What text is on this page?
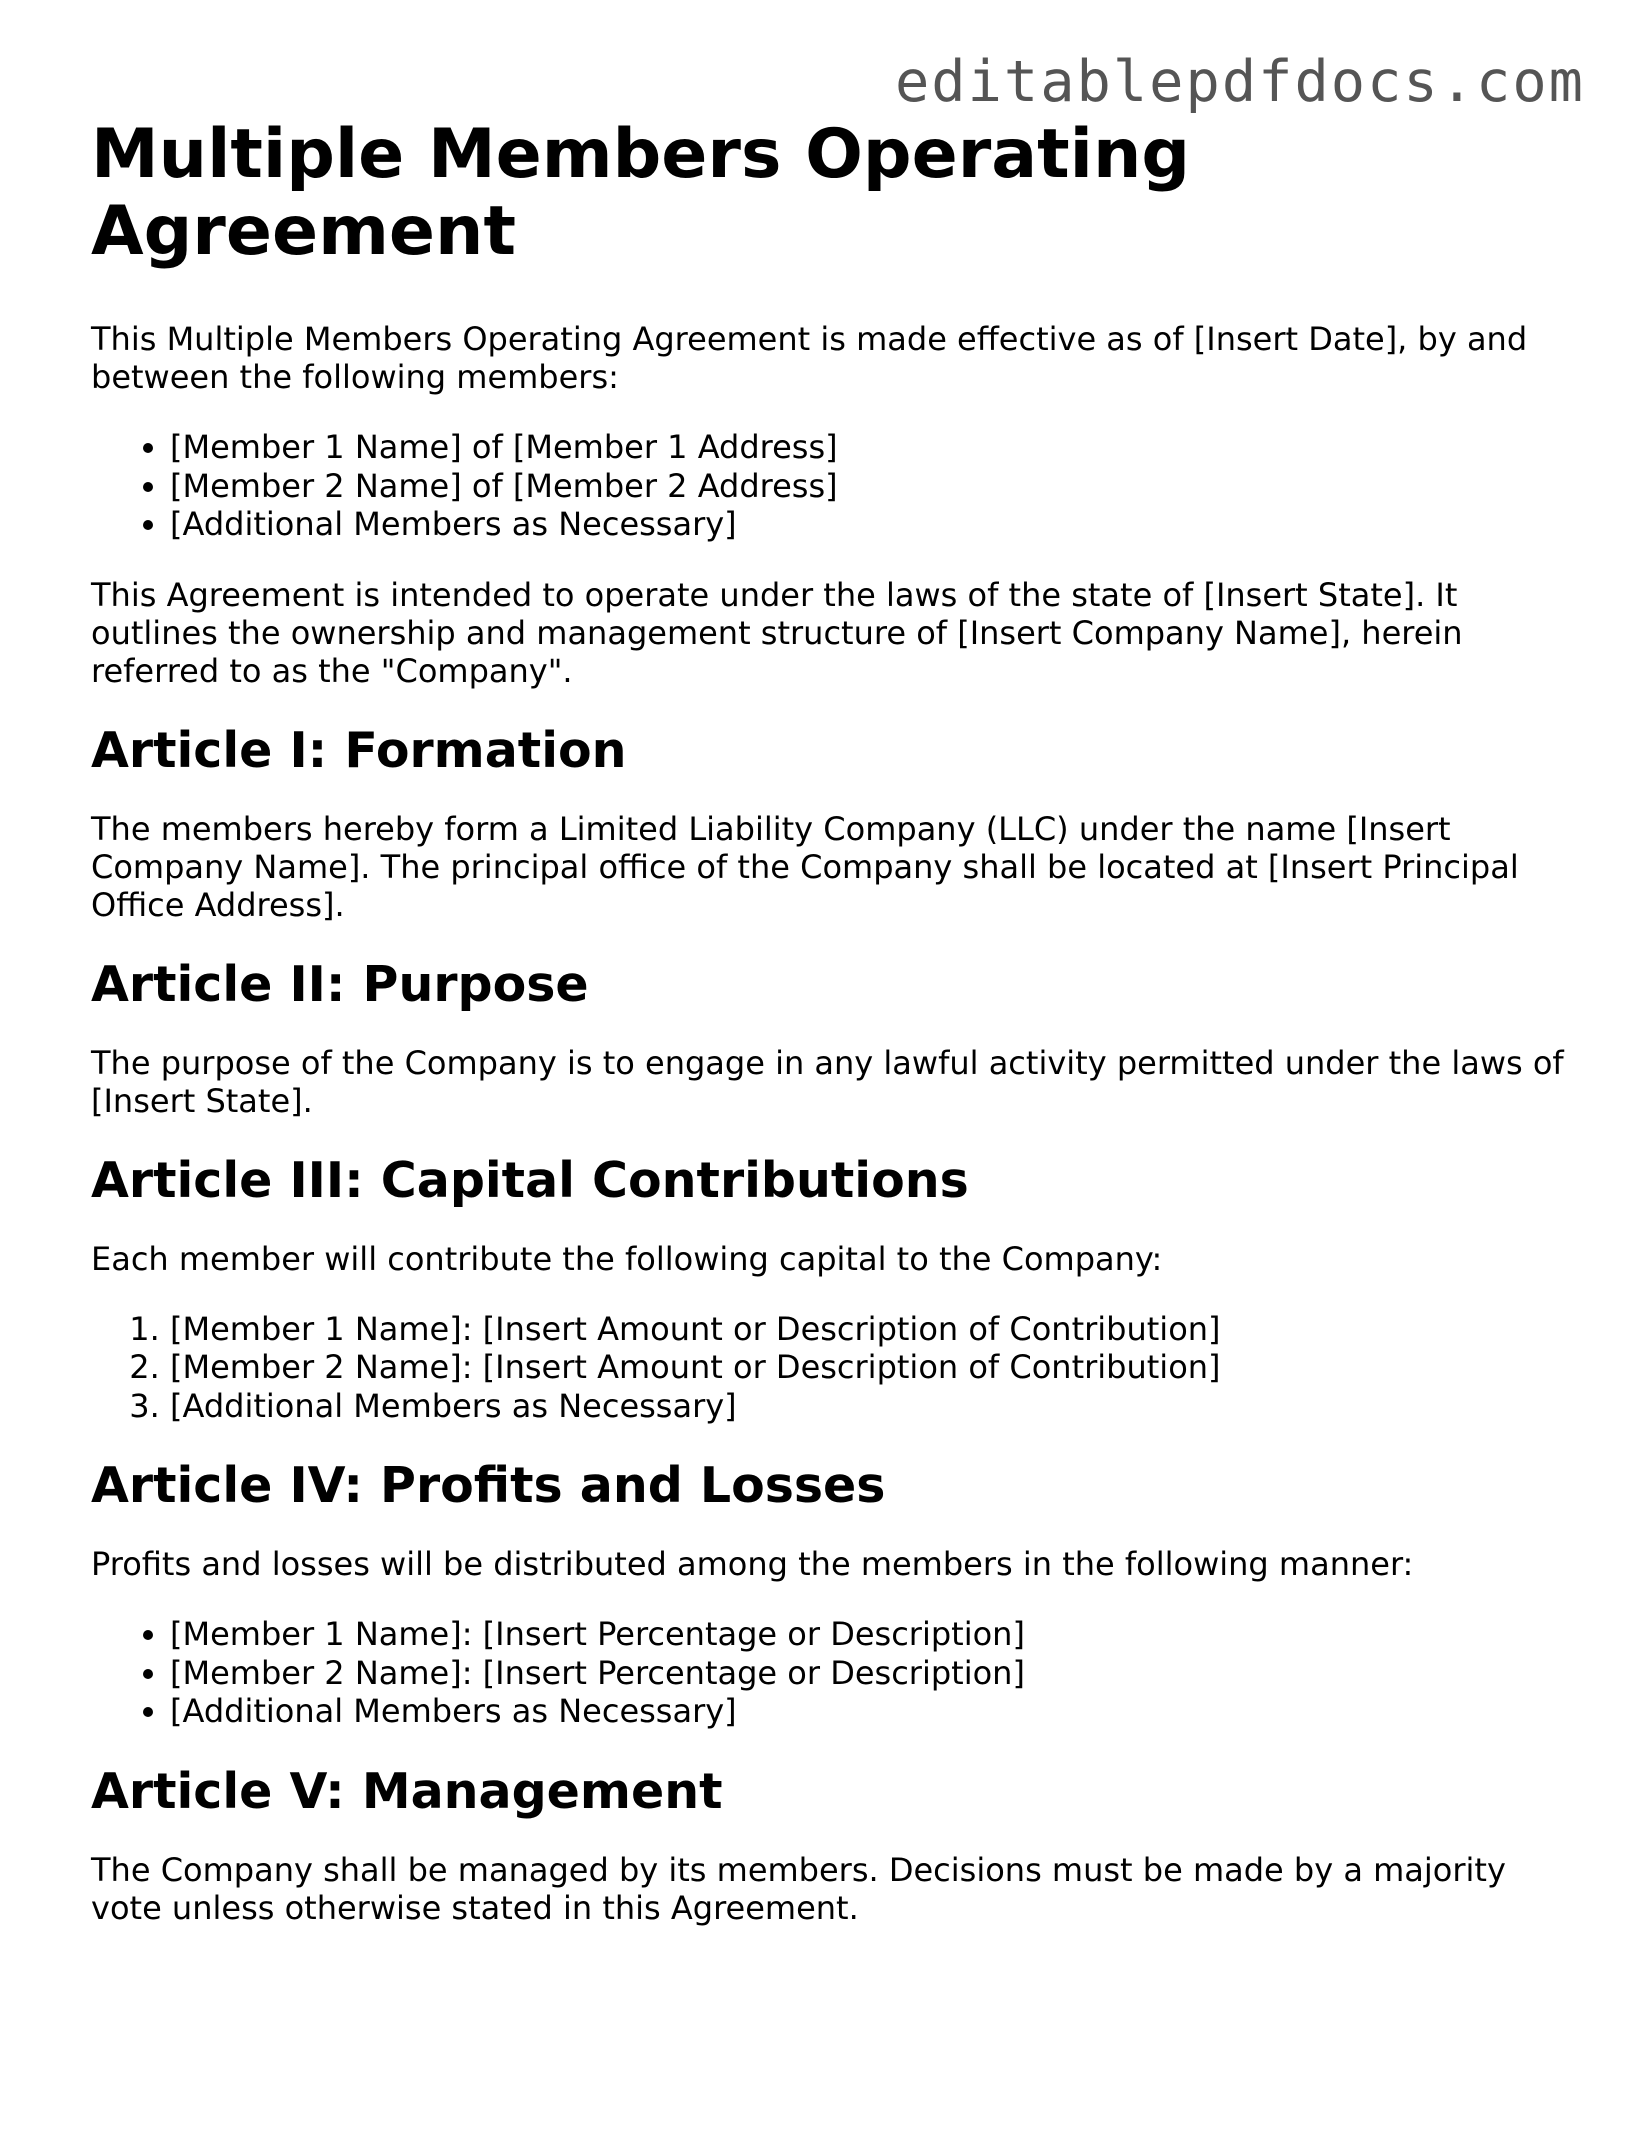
editablepdfdocs.com
Multiple Members Operating Agreement

This Multiple Members Operating Agreement is made effective as of [Insert Date], by and between the following members:

• [Member 1 Name] of [Member 1 Address]
• [Member 2 Name] of [Member 2 Address]
• [Additional Members as Necessary]

This Agreement is intended to operate under the laws of the state of [Insert State]. It outlines the ownership and management structure of [Insert Company Name], herein referred to as the "Company".

Article I: Formation

The members hereby form a Limited Liability Company (LLC) under the name [Insert Company Name]. The principal office of the Company shall be located at [Insert Principal Office Address].

Article II: Purpose

The purpose of the Company is to engage in any lawful activity permitted under the laws of [Insert State].

Article III: Capital Contributions

Each member will contribute the following capital to the Company:

1. [Member 1 Name]: [Insert Amount or Description of Contribution]
2. [Member 2 Name]: [Insert Amount or Description of Contribution]
3. [Additional Members as Necessary]
Article IV: Profits and Losses

Profits and losses will be distributed among the members in the following manner:

• [Member 1 Name]: [Insert Percentage or Description]
• [Member 2 Name]: [Insert Percentage or Description]
• [Additional Members as Necessary]
Article V: Management

The Company shall be managed by its members. Decisions must be made by a majority vote unless otherwise stated in this Agreement.
